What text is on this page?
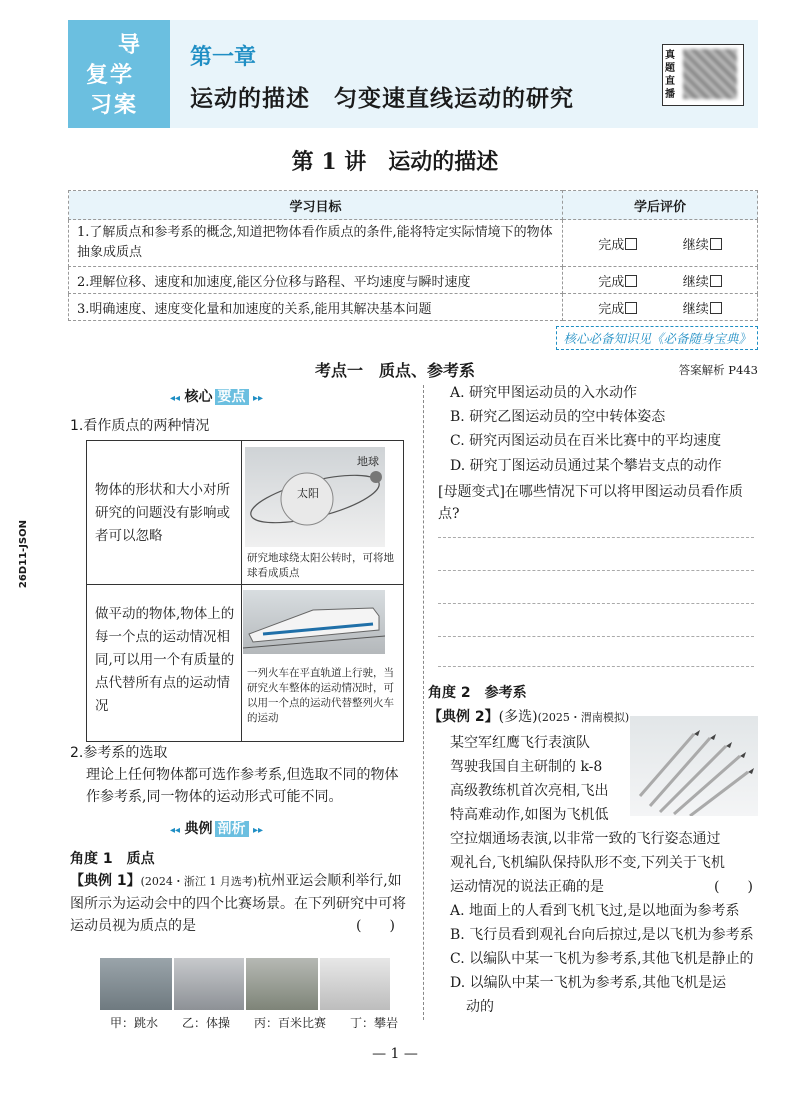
导
复学
习案
第一章
运动的描述　匀变速直线运动的研究
真题直播
第 1 讲　运动的描述
学习目标	学后评价
1.了解质点和参考系的概念,知道把物体看作质点的条件,能将特定实际情境下的物体抽象成质点	完成 继续
2.理解位移、速度和加速度,能区分位移与路程、平均速度与瞬时速度	完成 继续
3.明确速度、速度变化量和加速度的关系,能用其解决基本问题	完成 继续
核心必备知识见《必备随身宝典》
考点一　质点、参考系	答案解析 P443
◂◂ 核心 要点 ▸▸
1.看作质点的两种情况
物体的形状和大小对所研究的问题没有影响或者可以忽略
太阳
地球
研究地球绕太阳公转时，可将地球看成质点
做平动的物体,物体上的每一个点的运动情况相同,可以用一个有质量的点代替所有点的运动情况
一列火车在平直轨道上行驶，当研究火车整体的运动情况时，可以用一个点的运动代替整列火车的运动
2.参考系的选取
理论上任何物体都可选作参考系,但选取不同的物体作参考系,同一物体的运动形式可能不同。
◂◂ 典例 剖析 ▸▸
角度 1　质点
【典例 1】(2024・浙江 1 月选考)杭州亚运会顺利举行,如图所示为运动会中的四个比赛场景。在下列研究中可将运动员视为质点的是	(　　)
甲：跳水　　乙：体操　　丙：百米比赛　　丁：攀岩
A. 研究甲图运动员的入水动作
B. 研究乙图运动员的空中转体姿态
C. 研究丙图运动员在百米比赛中的平均速度
D. 研究丁图运动员通过某个攀岩支点的动作
[母题变式]在哪些情况下可以将甲图运动员看作质点?
角度 2　参考系
【典例 2】(多选)(2025・渭南模拟)
某空军红鹰飞行表演队
驾驶我国自主研制的 k-8
高级教练机首次亮相,飞出
特高难动作,如图为飞机低
空拉烟通场表演,以非常一致的飞行姿态通过
观礼台,飞机编队保持队形不变,下列关于飞机
运动情况的说法正确的是	(　　)
A. 地面上的人看到飞机飞过,是以地面为参考系
B. 飞行员看到观礼台向后掠过,是以飞机为参考系
C. 以编队中某一飞机为参考系,其他飞机是静止的
D. 以编队中某一飞机为参考系,其他飞机是运
动的
26D11-JSON
— 1 —
